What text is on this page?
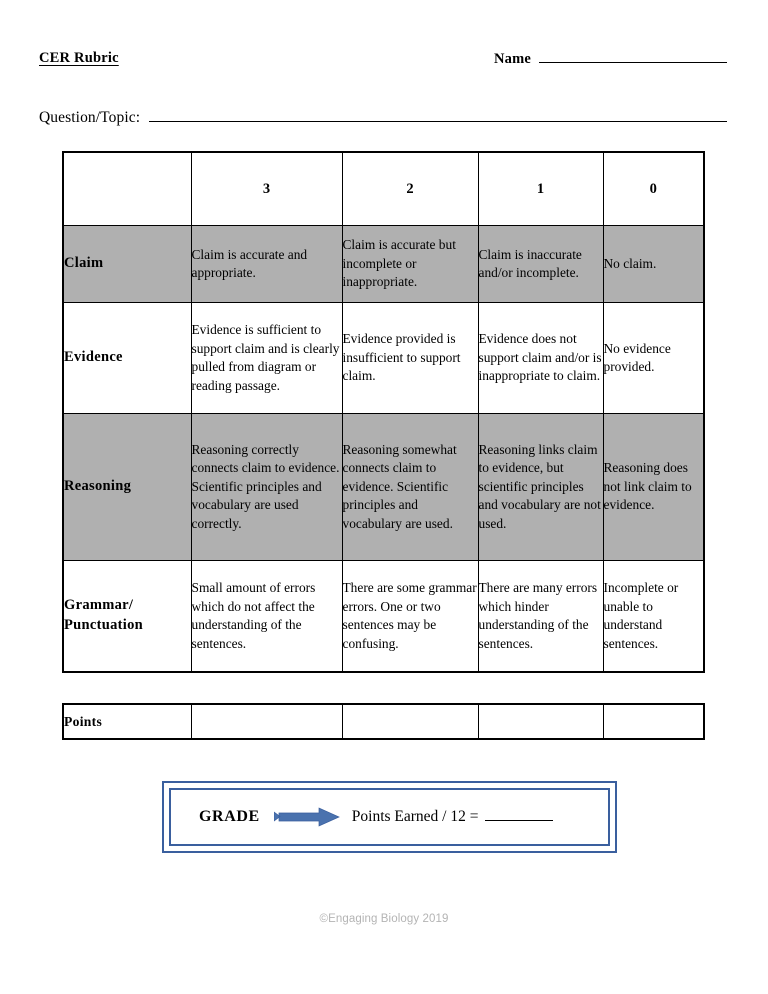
CER Rubric	Name
Question/Topic:
	3	2	1	0
Claim	Claim is accurate and appropriate.	Claim is accurate but incomplete or inappropriate.	Claim is inaccurate and/or incomplete.	No claim.
Evidence	Evidence is sufficient to support claim and is clearly pulled from diagram or reading passage.	Evidence provided is insufficient to support claim.	Evidence does not support claim and/or is inappropriate to claim.	No evidence provided.
Reasoning	Reasoning correctly connects claim to evidence. Scientific principles and vocabulary are used correctly.	Reasoning somewhat connects claim to evidence. Scientific principles and vocabulary are used.	Reasoning links claim to evidence, but scientific principles and vocabulary are not used.	Reasoning does not link claim to evidence.
Grammar/ Punctuation	Small amount of errors which do not affect the understanding of the sentences.	There are some grammar errors. One or two sentences may be confusing.	There are many errors which hinder understanding of the sentences.	Incomplete or unable to understand sentences.
Points				
GRADE	Points Earned / 12 =
©Engaging Biology 2019
